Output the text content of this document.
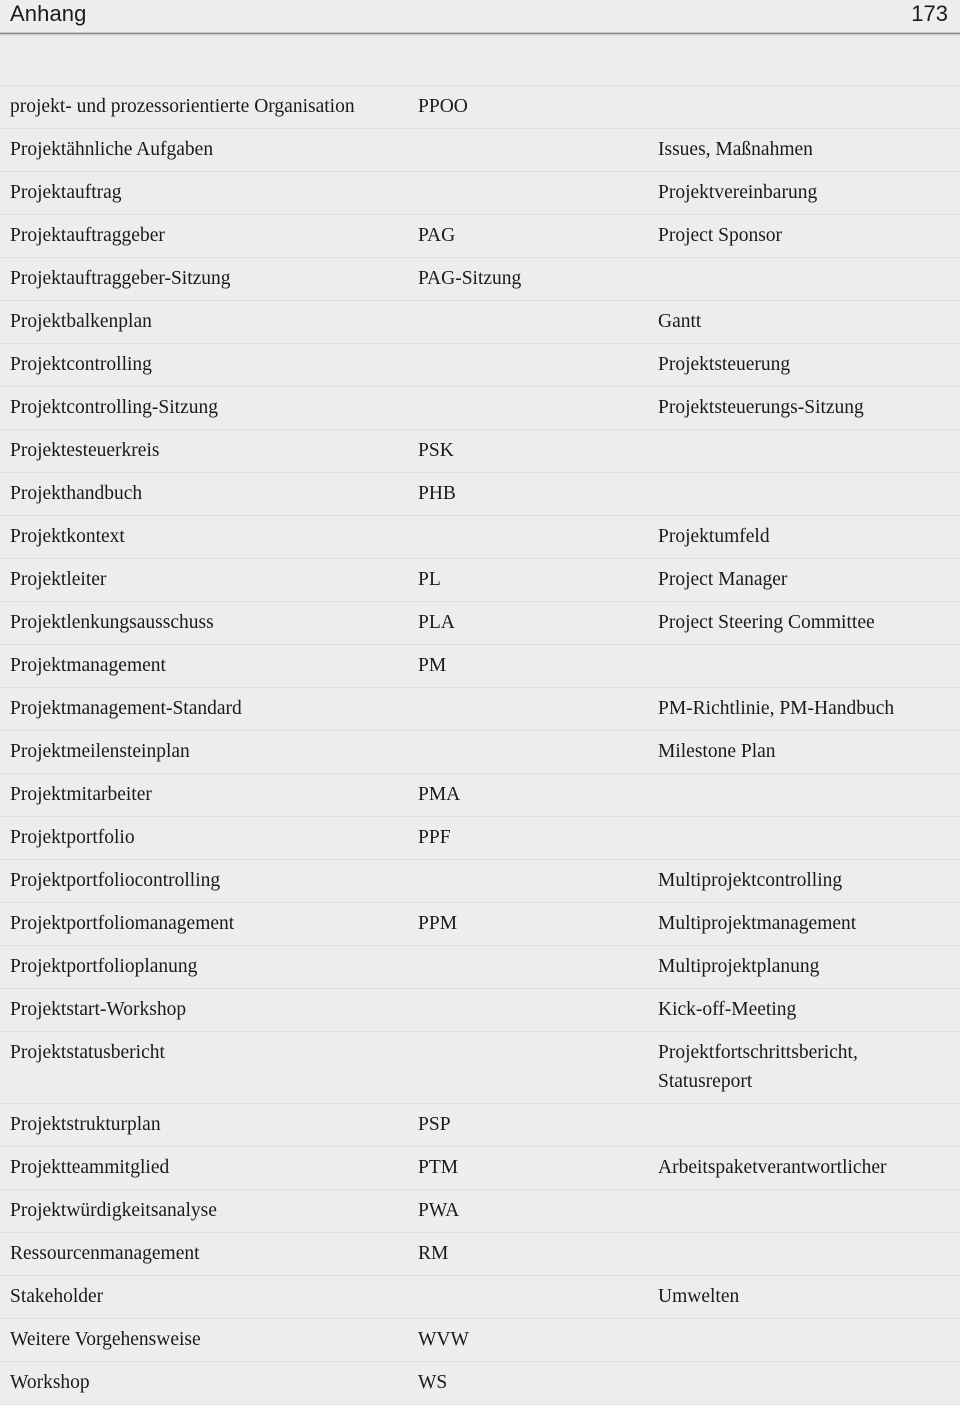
Anhang	173

projekt- und prozessorientierte Organisation	PPOO	
Projektähnliche Aufgaben		Issues, Maßnahmen
Projektauftrag		Projektvereinbarung
Projektauftraggeber	PAG	Project Sponsor
Projektauftraggeber-Sitzung	PAG-Sitzung	
Projektbalkenplan		Gantt
Projektcontrolling		Projektsteuerung
Projektcontrolling-Sitzung		Projektsteuerungs-Sitzung
Projektesteuerkreis	PSK	
Projekthandbuch	PHB	
Projektkontext		Projektumfeld
Projektleiter	PL	Project Manager
Projektlenkungsausschuss	PLA	Project Steering Committee
Projektmanagement	PM	
Projektmanagement-Standard		PM-Richtlinie, PM-Handbuch
Projektmeilensteinplan		Milestone Plan
Projektmitarbeiter	PMA	
Projektportfolio	PPF	
Projektportfoliocontrolling		Multiprojektcontrolling
Projektportfoliomanagement	PPM	Multiprojektmanagement
Projektportfolioplanung		Multiprojektplanung
Projektstart-Workshop		Kick-off-Meeting
Projektstatusbericht		Projektfortschrittsbericht, Statusreport
Projektstrukturplan	PSP	
Projektteammitglied	PTM	Arbeitspaketverantwortlicher
Projektwürdigkeitsanalyse	PWA	
Ressourcenmanagement	RM	
Stakeholder		Umwelten
Weitere Vorgehensweise	WVW	
Workshop	WS	
